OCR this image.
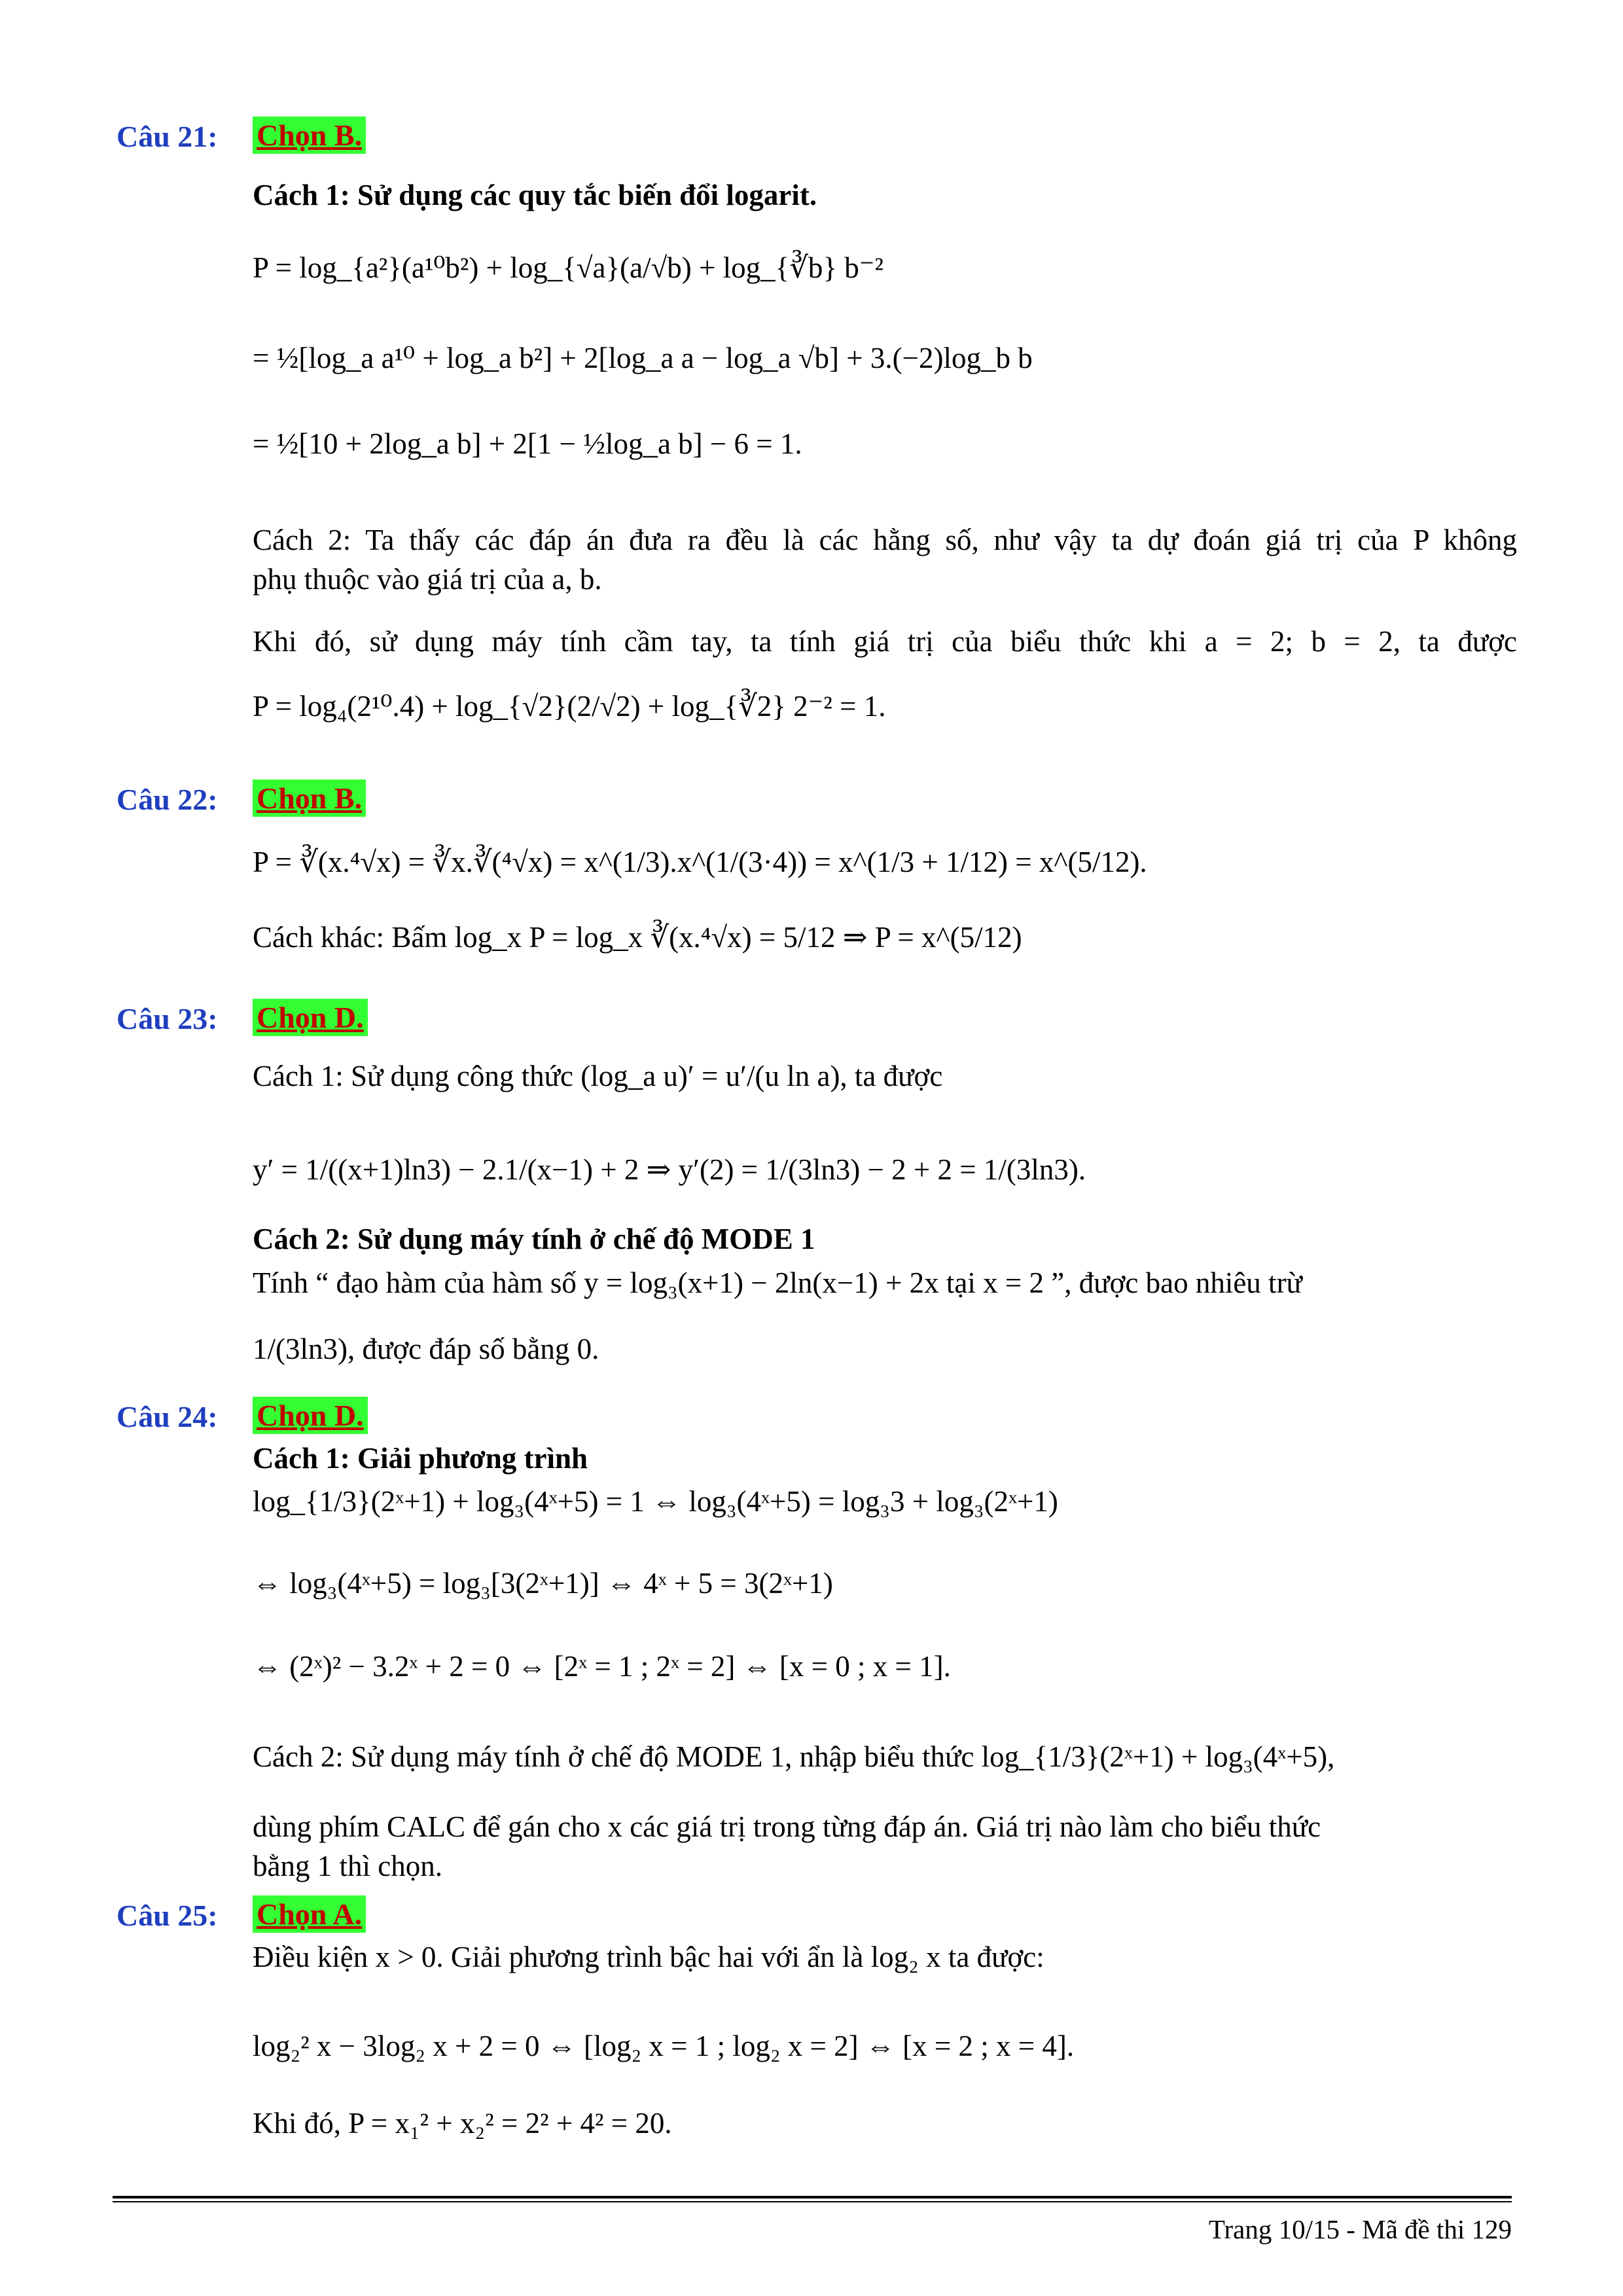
Câu 21: Chọn B.
Cách 1: Sử dụng các quy tắc biến đổi logarit.
P = log_{a²}(a¹⁰b²) + log_{√a}(a/√b) + log_{∛b} b⁻²
= ½[log_a a¹⁰ + log_a b²] + 2[log_a a − log_a √b] + 3.(−2)log_b b
= ½[10 + 2log_a b] + 2[1 − ½log_a b] − 6 = 1.
Cách 2: Ta thấy các đáp án đưa ra đều là các hằng số, như vậy ta dự đoán giá trị của P không
phụ thuộc vào giá trị của a, b.
Khi đó, sử dụng máy tính cầm tay, ta tính giá trị của biểu thức khi a = 2; b = 2, ta được
P = log₄(2¹⁰.4) + log_{√2}(2/√2) + log_{∛2} 2⁻² = 1.
Câu 22: Chọn B.
P = ∛(x.⁴√x) = ∛x.∛(⁴√x) = x^(1/3).x^(1/(3·4)) = x^(1/3 + 1/12) = x^(5/12).
Cách khác: Bấm log_x P = log_x ∛(x.⁴√x) = 5/12 ⇒ P = x^(5/12)
Câu 23: Chọn D.
Cách 1: Sử dụng công thức (log_a u)′ = u′/(u ln a), ta được
y′ = 1/((x+1)ln3) − 2.1/(x−1) + 2 ⇒ y′(2) = 1/(3ln3) − 2 + 2 = 1/(3ln3).
Cách 2: Sử dụng máy tính ở chế độ MODE 1
Tính “ đạo hàm của hàm số y = log₃(x+1) − 2ln(x−1) + 2x tại x = 2 ”, được bao nhiêu trừ
1/(3ln3), được đáp số bằng 0.
Câu 24: Chọn D.
Cách 1: Giải phương trình
log_{1/3}(2ˣ+1) + log₃(4ˣ+5) = 1 ⇔ log₃(4ˣ+5) = log₃3 + log₃(2ˣ+1)
⇔ log₃(4ˣ+5) = log₃[3(2ˣ+1)] ⇔ 4ˣ + 5 = 3(2ˣ+1)
⇔ (2ˣ)² − 3.2ˣ + 2 = 0 ⇔ [2ˣ = 1 ; 2ˣ = 2] ⇔ [x = 0 ; x = 1].
Cách 2: Sử dụng máy tính ở chế độ MODE 1, nhập biểu thức log_{1/3}(2ˣ+1) + log₃(4ˣ+5),
dùng phím CALC để gán cho x các giá trị trong từng đáp án. Giá trị nào làm cho biểu thức
bằng 1 thì chọn.
Câu 25: Chọn A.
Điều kiện x > 0. Giải phương trình bậc hai với ẩn là log₂ x ta được:
log₂² x − 3log₂ x + 2 = 0 ⇔ [log₂ x = 1 ; log₂ x = 2] ⇔ [x = 2 ; x = 4].
Khi đó, P = x₁² + x₂² = 2² + 4² = 20.
Trang 10/15 - Mã đề thi 129
